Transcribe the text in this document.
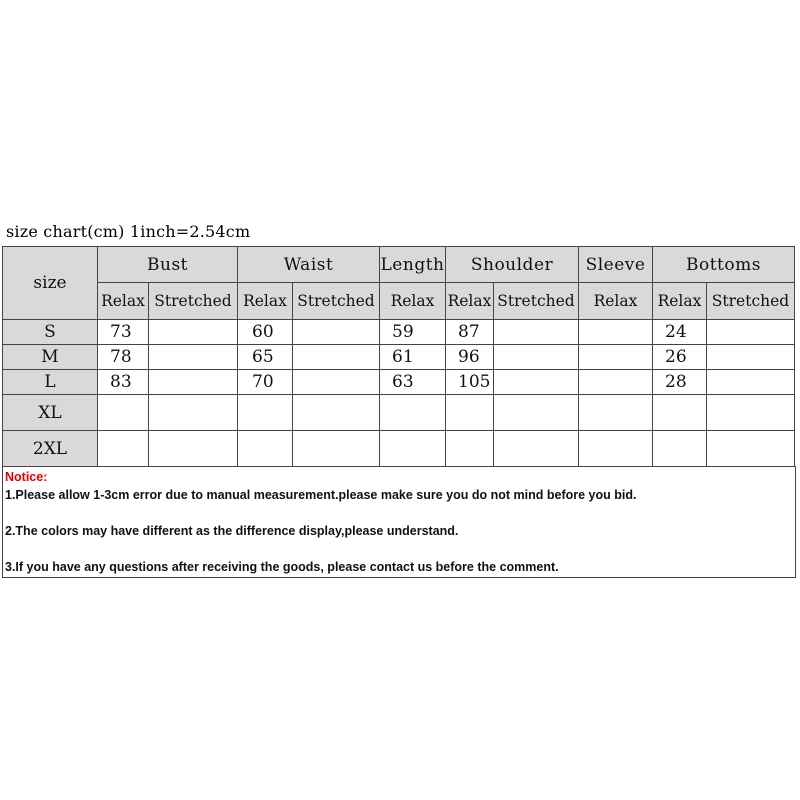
size chart(cm) 1inch=2.54cm
size	Bust		Waist		Length	Shoulder		Sleeve	Bottoms	
	Relax	Stretched	Relax	Stretched	Relax	Relax	Stretched	Relax	Relax	Stretched
S	73		60		59	87			24	
M	78		65		61	96			26	
L	83		70		63	105			28	
XL										
2XL										
Notice:
1.Please allow 1-3cm error due to manual measurement.please make sure you do not mind before you bid.
2.The colors may have different as the difference display,please understand.
3.If you have any questions after receiving the goods, please contact us before the comment.
